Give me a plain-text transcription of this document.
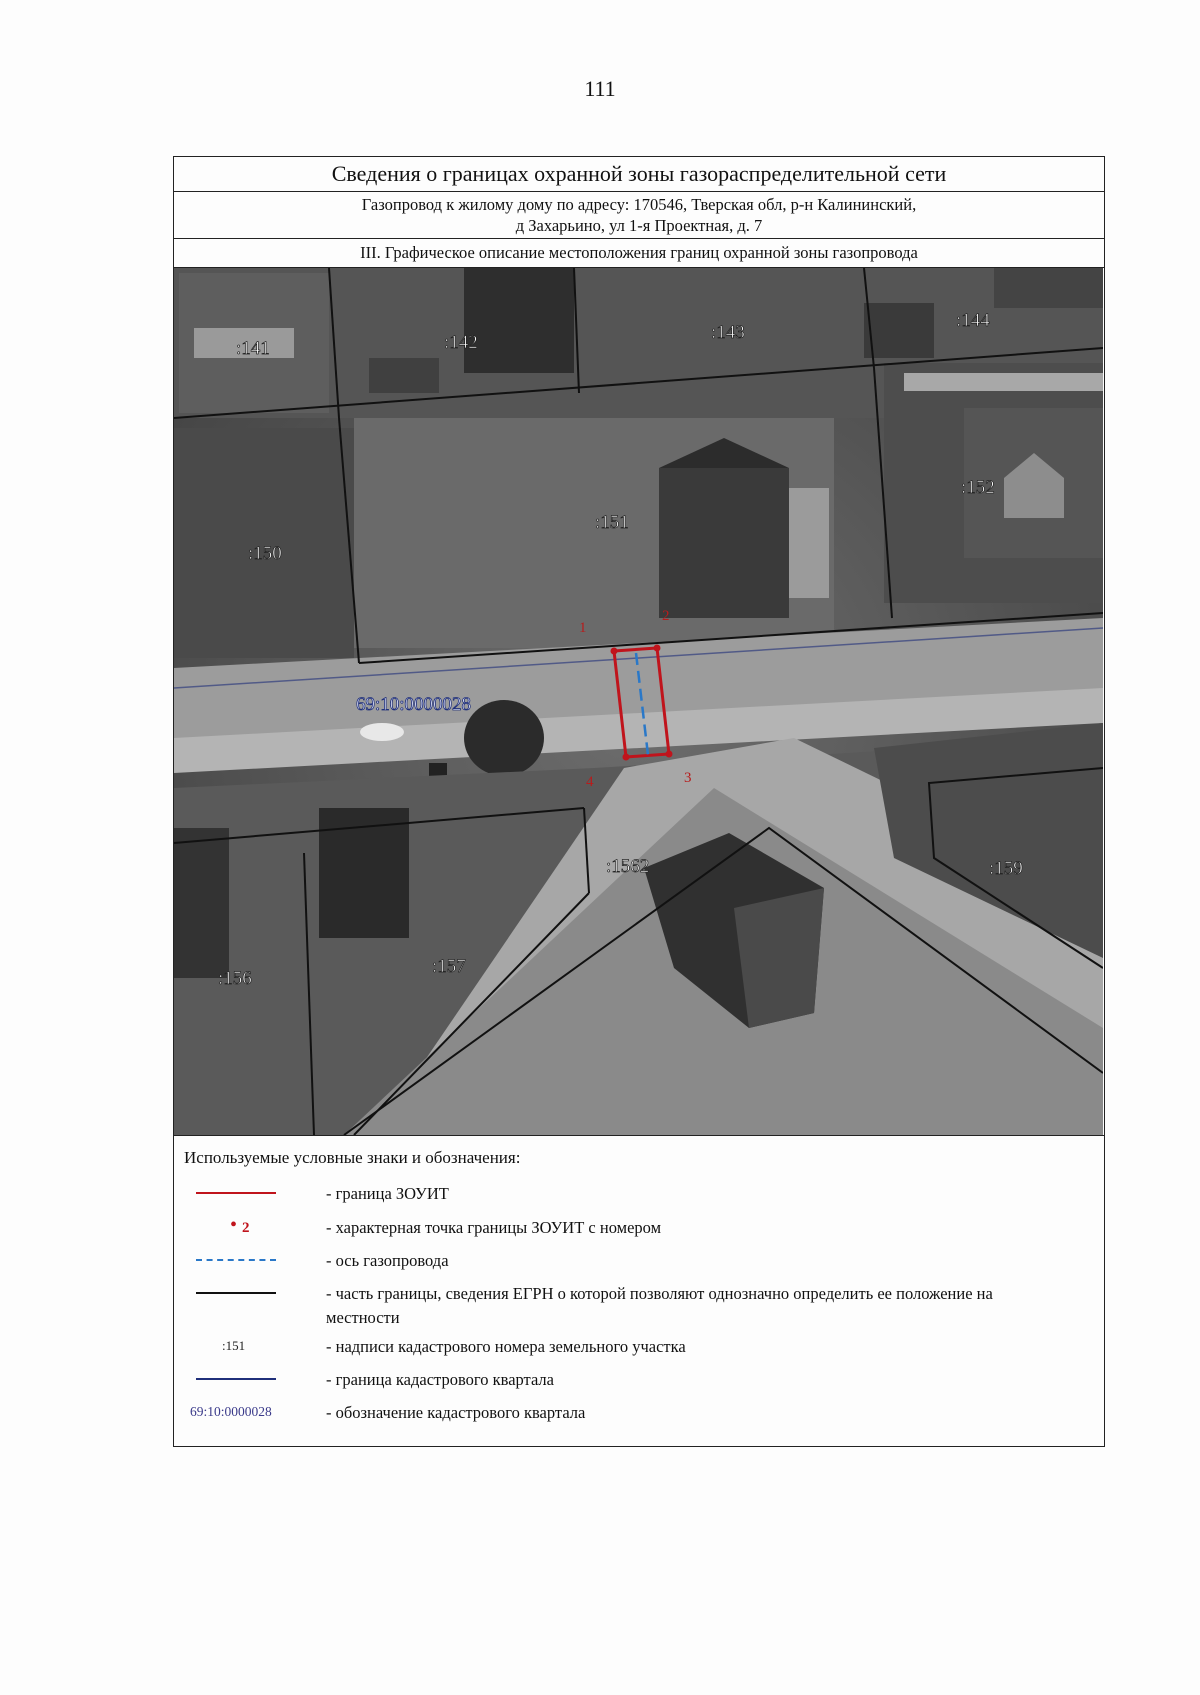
111
Сведения о границах охранной зоны газораспределительной сети
Газопровод к жилому дому по адресу: 170546, Тверская обл, р-н Калининский,
д Захарьино, ул 1-я Проектная, д. 7
III. Графическое описание местоположения границ охранной зоны газопровода
1
2
3
4
:141	:142	:143
:144
:150
:151
:152
:1562
:156
:157
:159
69:10:0000028
Используемые условные знаки и обозначения:
- граница ЗОУИТ
• 2	- характерная точка границы ЗОУИТ с номером
- ось газопровода
- часть границы, сведения ЕГРН о которой позволяют однозначно определить ее положение на местности
:151	- надписи кадастрового номера земельного участка
- граница кадастрового квартала
69:10:0000028	- обозначение кадастрового квартала
